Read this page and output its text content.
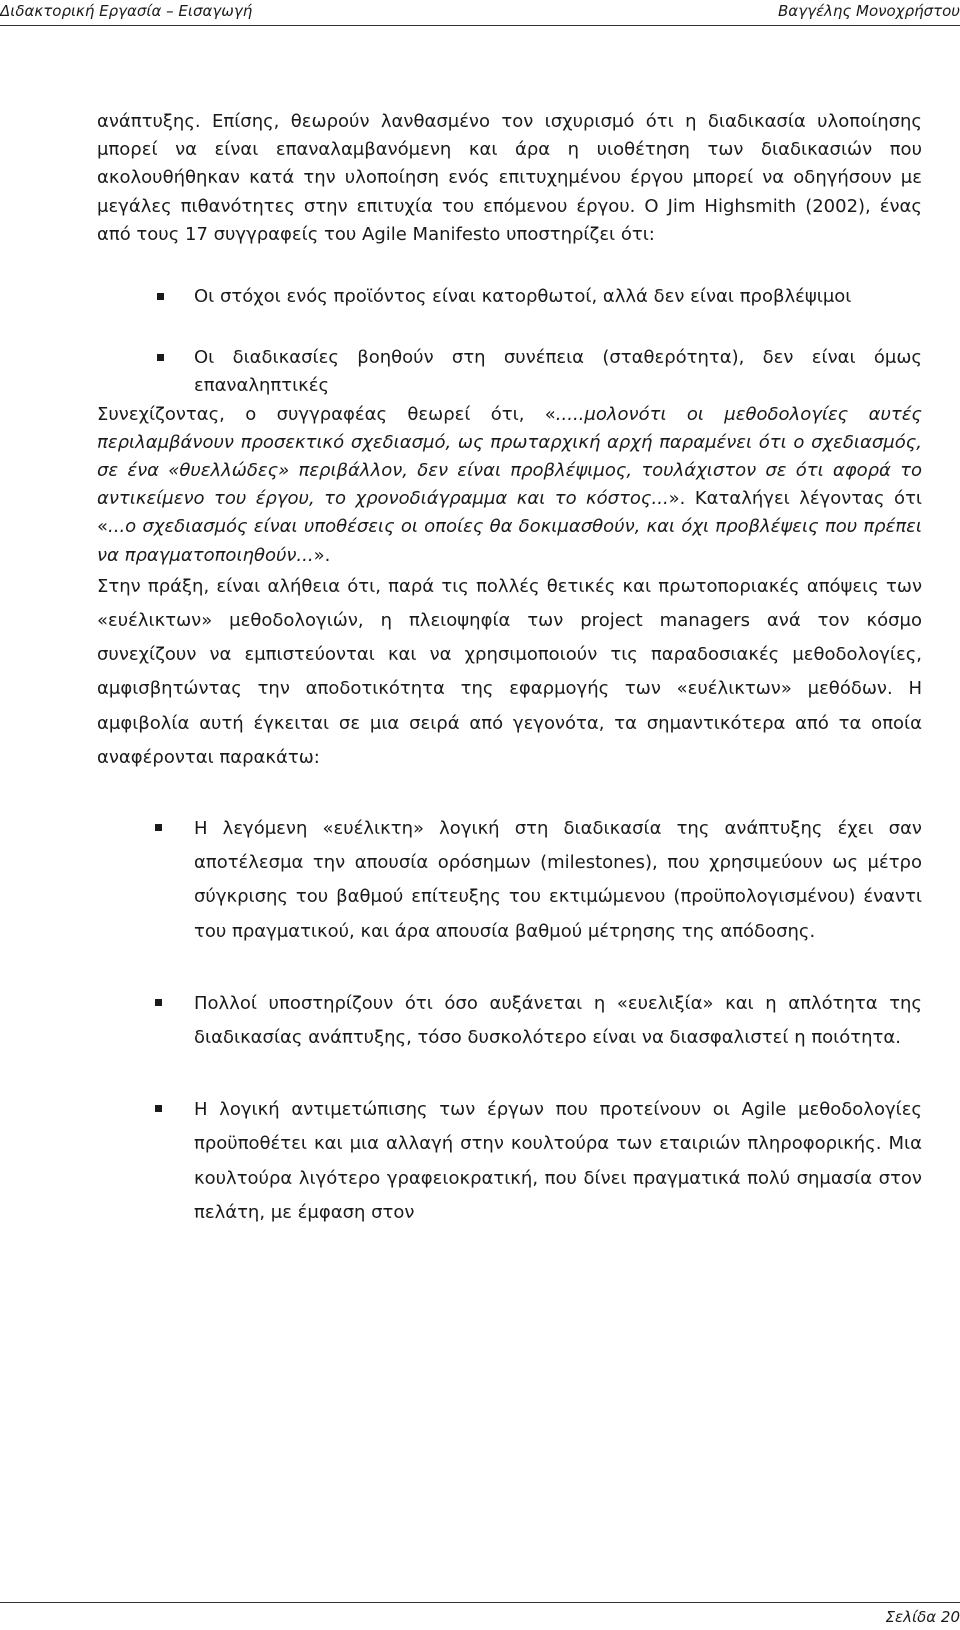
Διδακτορική Εργασία – Εισαγωγή	Βαγγέλης Μονοχρήστου

ανάπτυξης. Επίσης, θεωρούν λανθασμένο τον ισχυρισμό ότι η διαδικασία υλοποίησης μπορεί να είναι επαναλαμβανόμενη και άρα η υιοθέτηση των διαδικασιών που ακολουθήθηκαν κατά την υλοποίηση ενός επιτυχημένου έργου μπορεί να οδηγήσουν με μεγάλες πιθανότητες στην επιτυχία του επόμενου έργου. Ο Jim Highsmith (2002), ένας από τους 17 συγγραφείς του Agile Manifesto υποστηρίζει ότι:

Οι στόχοι ενός προϊόντος είναι κατορθωτοί, αλλά δεν είναι προβλέψιμοι
Οι διαδικασίες βοηθούν στη συνέπεια (σταθερότητα), δεν είναι όμως επαναληπτικές

Συνεχίζοντας, ο συγγραφέας θεωρεί ότι, «.....μολονότι οι μεθοδολογίες αυτές περιλαμβάνουν προσεκτικό σχεδιασμό, ως πρωταρχική αρχή παραμένει ότι ο σχεδιασμός, σε ένα «θυελλώδες» περιβάλλον, δεν είναι προβλέψιμος, τουλάχιστον σε ότι αφορά το αντικείμενο του έργου, το χρονοδιάγραμμα και το κόστος...». Καταλήγει λέγοντας ότι «...ο σχεδιασμός είναι υποθέσεις οι οποίες θα δοκιμασθούν, και όχι προβλέψεις που πρέπει να πραγματοποιηθούν...».

Στην πράξη, είναι αλήθεια ότι, παρά τις πολλές θετικές και πρωτοποριακές απόψεις των «ευέλικτων» μεθοδολογιών, η πλειοψηφία των project managers ανά τον κόσμο συνεχίζουν να εμπιστεύονται και να χρησιμοποιούν τις παραδοσιακές μεθοδολογίες, αμφισβητώντας την αποδοτικότητα της εφαρμογής των «ευέλικτων» μεθόδων. Η αμφιβολία αυτή έγκειται σε μια σειρά από γεγονότα, τα σημαντικότερα από τα οποία αναφέρονται παρακάτω:

Η λεγόμενη «ευέλικτη» λογική στη διαδικασία της ανάπτυξης έχει σαν αποτέλεσμα την απουσία ορόσημων (milestones), που χρησιμεύουν ως μέτρο σύγκρισης του βαθμού επίτευξης του εκτιμώμενου (προϋπολογισμένου) έναντι του πραγματικού, και άρα απουσία βαθμού μέτρησης της απόδοσης.
Πολλοί υποστηρίζουν ότι όσο αυξάνεται η «ευελιξία» και η απλότητα της διαδικασίας ανάπτυξης, τόσο δυσκολότερο είναι να διασφαλιστεί η ποιότητα.
Η λογική αντιμετώπισης των έργων που προτείνουν οι Agile μεθοδολογίες προϋποθέτει και μια αλλαγή στην κουλτούρα των εταιριών πληροφορικής. Μια κουλτούρα λιγότερο γραφειοκρατική, που δίνει πραγματικά πολύ σημασία στον πελάτη, με έμφαση στον
Σελίδα 20
